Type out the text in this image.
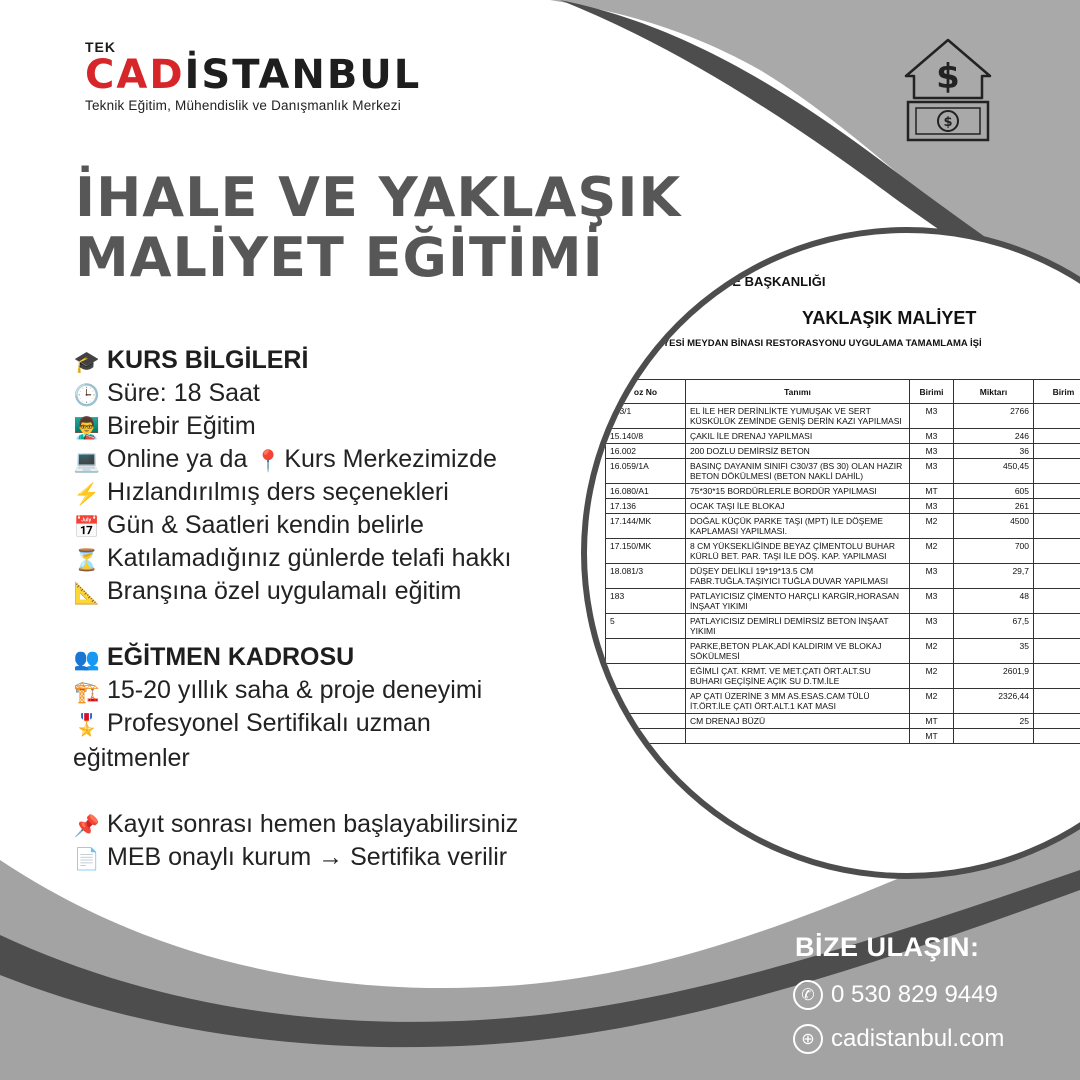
TEK
CADİSTANBUL
Teknik Eğitim, Mühendislik ve Danışmanlık Merkezi
$
$
İHALE VE YAKLAŞIK
MALİYET EĞİTİMİ
🎓 KURS BİLGİLERİ
🕒 Süre: 18 Saat
👨‍🏫 Birebir Eğitim
💻 Online ya da 📍 Kurs Merkezimizde
⚡ Hızlandırılmış ders seçenekleri
📅 Gün & Saatleri kendin belirle
⏳ Katılamadığınız günlerde telafi hakkı
📐 Branşına özel uygulamalı eğitim
👥 EĞİTMEN KADROSU
🏗️ 15-20 yıllık saha & proje deneyimi
🎖️ Profesyonel Sertifikalı uzman eğitmenler
📌 Kayıt sonrası hemen başlayabilirsiniz
📄 MEB onaylı kurum → Sertifika verilir
LIĞI
IYE BAŞKANLIĞI
YAKLAŞIK MALİYET
EDİYESİ MEYDAN BİNASI RESTORASYONU UYGULAMA TAMAMLAMA İŞİ
oz No	Tanımı	Birimi	Miktarı	Birim
013/1	EL İLE HER DERİNLİKTE YUMUŞAK VE SERT KÜSKÜLÜK ZEMİNDE GENİŞ DERİN KAZI YAPILMASI	M3	2766	
15.140/8	ÇAKIL İLE DRENAJ YAPILMASI	M3	246	
16.002	200 DOZLU DEMİRSİZ BETON	M3	36	
16.059/1A	BASINÇ DAYANIM SINIFI C30/37 (BS 30) OLAN HAZIR BETON DÖKÜLMESİ (BETON NAKLİ DAHİL)	M3	450,45	
16.080/A1	75*30*15 BORDÜRLERLE BORDÜR YAPILMASI	MT	605	
17.136	OCAK TAŞI İLE BLOKAJ	M3	261	
17.144/MK	DOĞAL KÜÇÜK PARKE TAŞI (MPT) İLE DÖŞEME KAPLAMASI YAPILMASI.	M2	4500	
17.150/MK	8 CM YÜKSEKLİĞİNDE BEYAZ ÇİMENTOLU BUHAR KÜRLÜ BET. PAR. TAŞI İLE DÖŞ. KAP. YAPILMASI	M2	700	
18.081/3	DÜŞEY DELİKLİ 19*19*13.5 CM FABR.TUĞLA.TAŞIYICI TUĞLA DUVAR YAPILMASI	M3	29,7	
183	PATLAYICISIZ ÇİMENTO HARÇLI KARGİR,HORASAN İNŞAAT YIKIMI	M3	48	
5	PATLAYICISIZ DEMİRLİ DEMİRSİZ BETON İNŞAAT YIKIMI	M3	67,5	
	PARKE,BETON PLAK,ADİ KALDIRIM VE BLOKAJ SÖKÜLMESİ	M2	35	
	EĞİMLİ ÇAT. KRMT. VE MET.ÇATI ÖRT.ALT.SU BUHARI GEÇİŞİNE AÇIK SU D.TM.İLE	M2	2601,9	
	AP ÇATI ÜZERİNE 3 MM AS.ESAS.CAM TÜLÜ İT.ÖRT.İLE ÇATI ÖRT.ALT.1 KAT MASI	M2	2326,44	
	CM DRENAJ BÜZÜ	MT	25	
		MT		
BİZE ULAŞIN:
✆ 0 530 829 9449
⊕ cadistanbul.com
